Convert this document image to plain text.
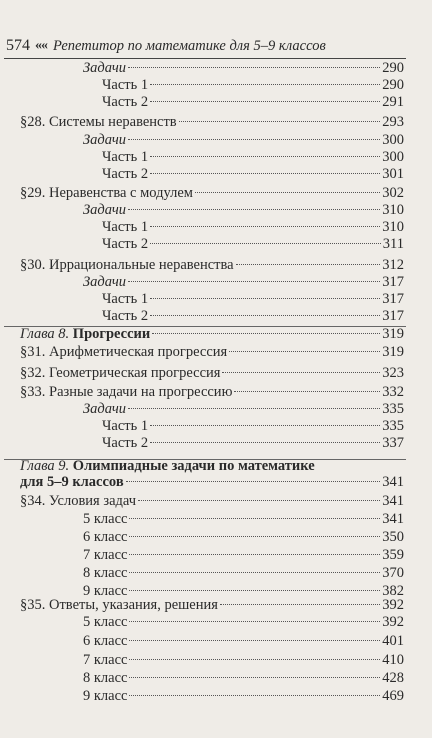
574 «« Репетитор по математике для 5–9 классов
Задачи	290
Часть 1	290
Часть 2	291
§28. Системы неравенств	293
Задачи	300
Часть 1	300
Часть 2	301
§29. Неравенства с модулем	302
Задачи	310
Часть 1	310
Часть 2	311
§30. Иррациональные неравенства	312
Задачи	317
Часть 1	317
Часть 2	317
Глава 8. Прогрессии	319
§31. Арифметическая прогрессия	319
§32. Геометрическая прогрессия	323
§33. Разные задачи на прогрессию	332
Задачи	335
Часть 1	335
Часть 2	337
Глава 9. Олимпиадные задачи по математике
для 5–9 классов	341
§34. Условия задач	341
5 класс	341
6 класс	350
7 класс	359
8 класс	370
9 класс	382
§35. Ответы, указания, решения	392
5 класс	392
6 класс	401
7 класс	410
8 класс	428
9 класс	469
